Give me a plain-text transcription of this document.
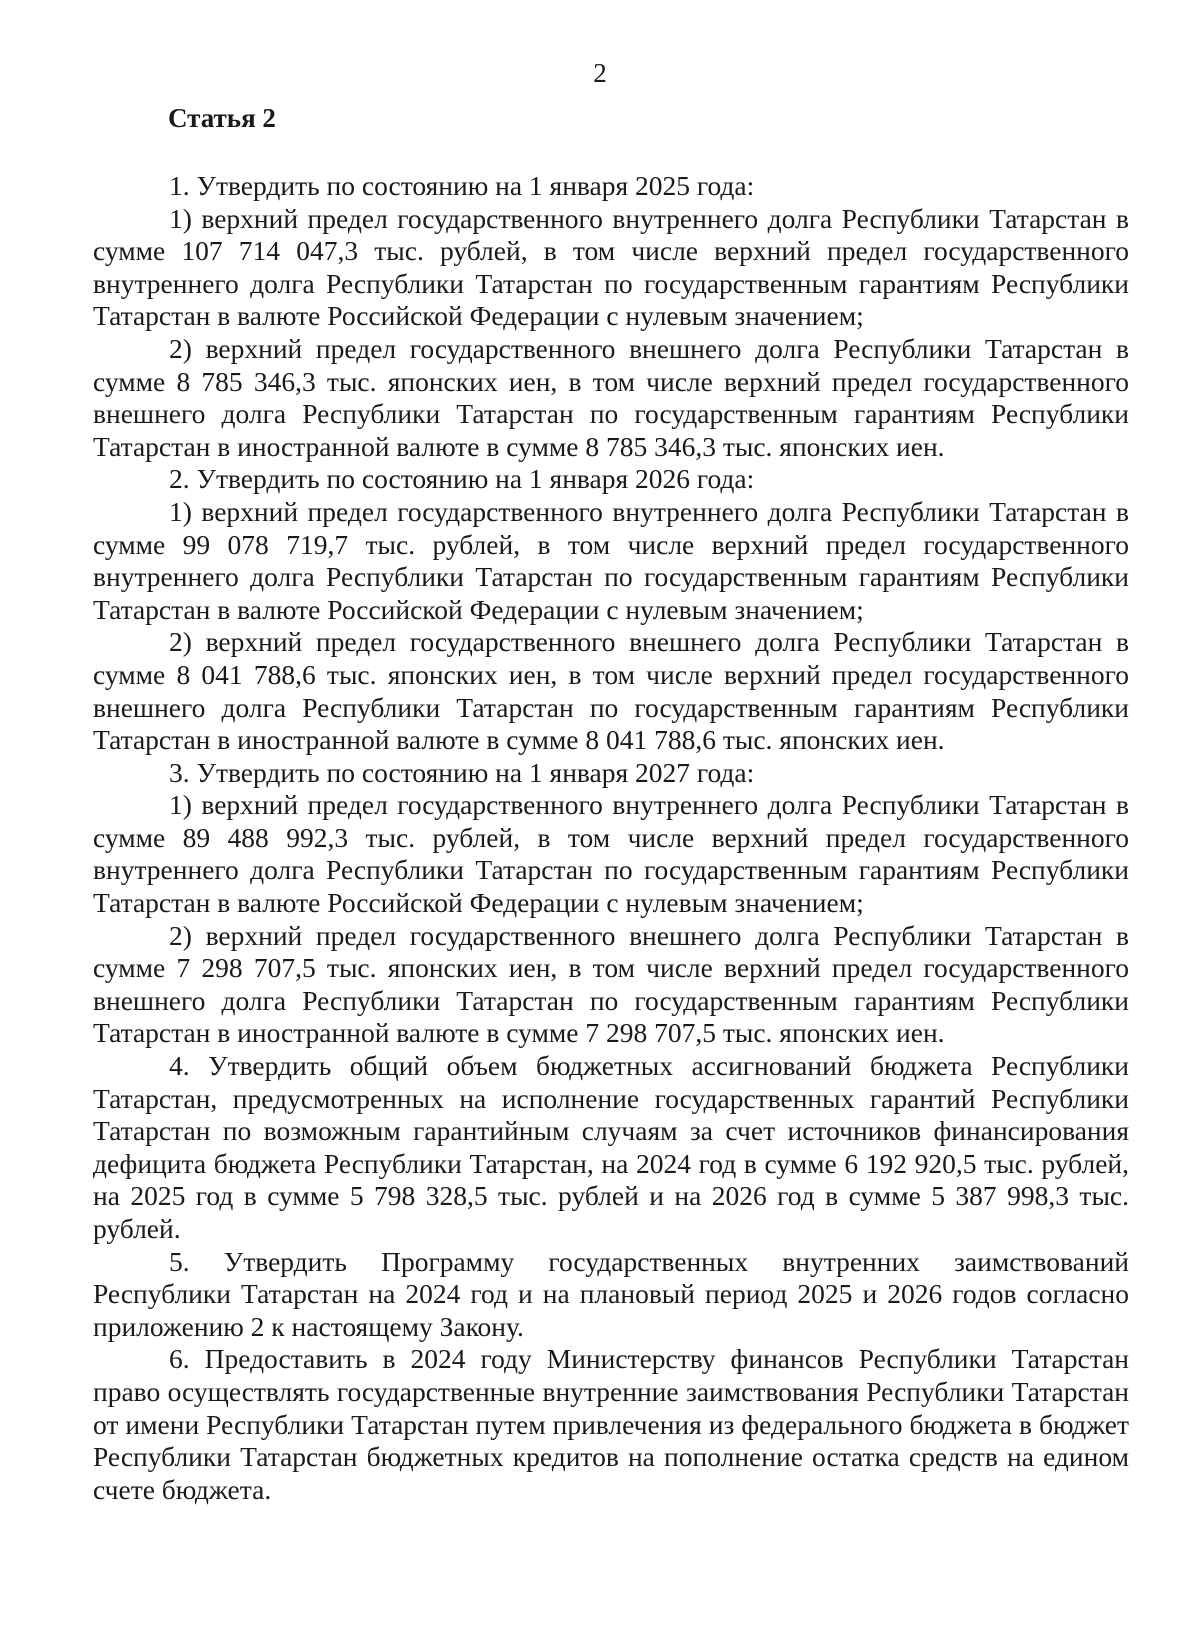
2
Статья 2

1. Утвердить по состоянию на 1 января 2025 года:

1) верхний предел государственного внутреннего долга Республики Татарстан в сумме 107 714 047,3 тыс. рублей, в том числе верхний предел государственного внутреннего долга Республики Татарстан по государственным гарантиям Республики Татарстан в валюте Российской Федерации с нулевым значением;

2) верхний предел государственного внешнего долга Республики Татарстан в сумме 8 785 346,3 тыс. японских иен, в том числе верхний предел государственного внешнего долга Республики Татарстан по государственным гарантиям Республики Татарстан в иностранной валюте в сумме 8 785 346,3 тыс. японских иен.

2. Утвердить по состоянию на 1 января 2026 года:

1) верхний предел государственного внутреннего долга Республики Татарстан в сумме 99 078 719,7 тыс. рублей, в том числе верхний предел государственного внутреннего долга Республики Татарстан по государственным гарантиям Республики Татарстан в валюте Российской Федерации с нулевым значением;

2) верхний предел государственного внешнего долга Республики Татарстан в сумме 8 041 788,6 тыс. японских иен, в том числе верхний предел государственного внешнего долга Республики Татарстан по государственным гарантиям Республики Татарстан в иностранной валюте в сумме 8 041 788,6 тыс. японских иен.

3. Утвердить по состоянию на 1 января 2027 года:

1) верхний предел государственного внутреннего долга Республики Татарстан в сумме 89 488 992,3 тыс. рублей, в том числе верхний предел государственного внутреннего долга Республики Татарстан по государственным гарантиям Республики Татарстан в валюте Российской Федерации с нулевым значением;

2) верхний предел государственного внешнего долга Республики Татарстан в сумме 7 298 707,5 тыс. японских иен, в том числе верхний предел государственного внешнего долга Республики Татарстан по государственным гарантиям Республики Татарстан в иностранной валюте в сумме 7 298 707,5 тыс. японских иен.

4. Утвердить общий объем бюджетных ассигнований бюджета Республики Татарстан, предусмотренных на исполнение государственных гарантий Республики Татарстан по возможным гарантийным случаям за счет источников финансирования дефицита бюджета Республики Татарстан, на 2024 год в сумме 6 192 920,5 тыс. рублей, на 2025 год в сумме 5 798 328,5 тыс. рублей и на 2026 год в сумме 5 387 998,3 тыс. рублей.

5. Утвердить Программу государственных внутренних заимствований Республики Татарстан на 2024 год и на плановый период 2025 и 2026 годов согласно приложению 2 к настоящему Закону.

6. Предоставить в 2024 году Министерству финансов Республики Татарстан право осуществлять государственные внутренние заимствования Республики Татарстан от имени Республики Татарстан путем привлечения из федерального бюджета в бюджет Республики Татарстан бюджетных кредитов на пополнение остатка средств на едином счете бюджета.
